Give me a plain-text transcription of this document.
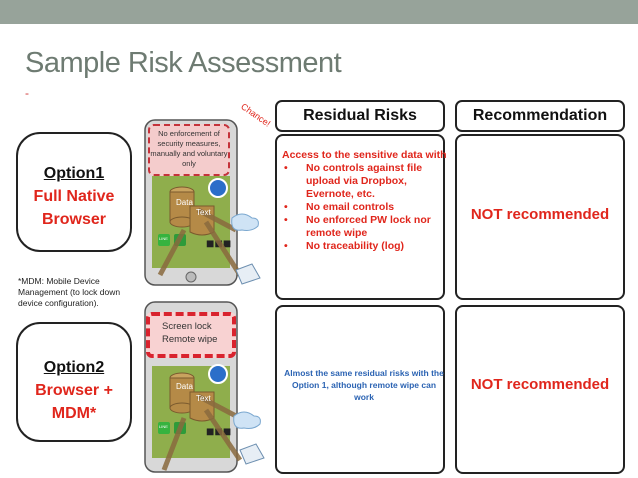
Sample Risk Assessment
-
Residual Risks	Recommendation
Option1
Full Native
Browser
Option2
Browser +
MDM*
*MDM: Mobile Device Management (to lock down device configuration).
Access to the sensitive data with
• No controls against file upload via Dropbox, Evernote, etc.
• No email controls
• No enforced PW lock nor remote wipe
• No traceability (log)
NOT recommended
Almost the same residual risks with the Option 1, although remote wipe can work
NOT recommended
■■■
No enforcement of security measures, manually and voluntary only
Chance!
Data
Text
LINE
■■■
Screen lock
Remote wipe
Data
Text
LINE
